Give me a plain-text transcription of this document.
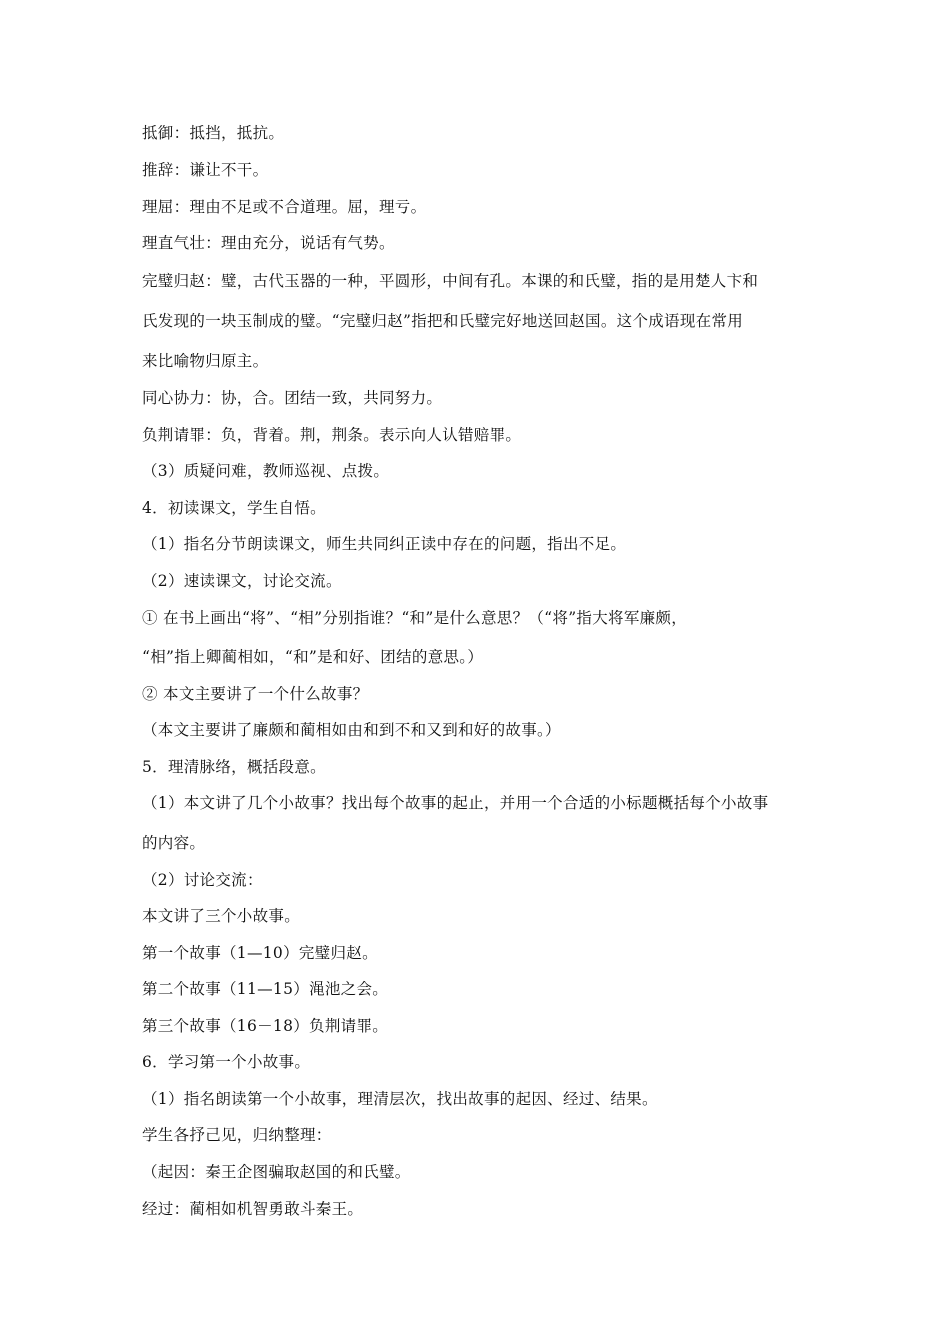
抵御：抵挡，抵抗。
推辞：谦让不干。
理屈：理由不足或不合道理。屈，理亏。
理直气壮：理由充分，说话有气势。
完璧归赵：璧，古代玉器的一种，平圆形，中间有孔。本课的和氏璧，指的是用楚人卞和
氏发现的一块玉制成的璧。“完璧归赵”指把和氏璧完好地送回赵国。这个成语现在常用
来比喻物归原主。
同心协力：协，合。团结一致，共同努力。
负荆请罪：负，背着。荆，荆条。表示向人认错赔罪。
（3）质疑问难，教师巡视、点拨。
4．初读课文，学生自悟。
（1）指名分节朗读课文，师生共同纠正读中存在的问题，指出不足。
（2）速读课文，讨论交流。
① 在书上画出“将”、“相”分别指谁？“和”是什么意思？（“将”指大将军廉颇，
“相”指上卿蔺相如，“和”是和好、团结的意思。）
② 本文主要讲了一个什么故事？
（本文主要讲了廉颇和蔺相如由和到不和又到和好的故事。）
5．理清脉络，概括段意。
（1）本文讲了几个小故事？找出每个故事的起止，并用一个合适的小标题概括每个小故事
的内容。
（2）讨论交流：
本文讲了三个小故事。
第一个故事（1—10）完璧归赵。
第二个故事（11—15）渑池之会。
第三个故事（16－18）负荆请罪。
6．学习第一个小故事。
（1）指名朗读第一个小故事，理清层次，找出故事的起因、经过、结果。
学生各抒己见，归纳整理：
（起因：秦王企图骗取赵国的和氏璧。
经过：蔺相如机智勇敢斗秦王。
